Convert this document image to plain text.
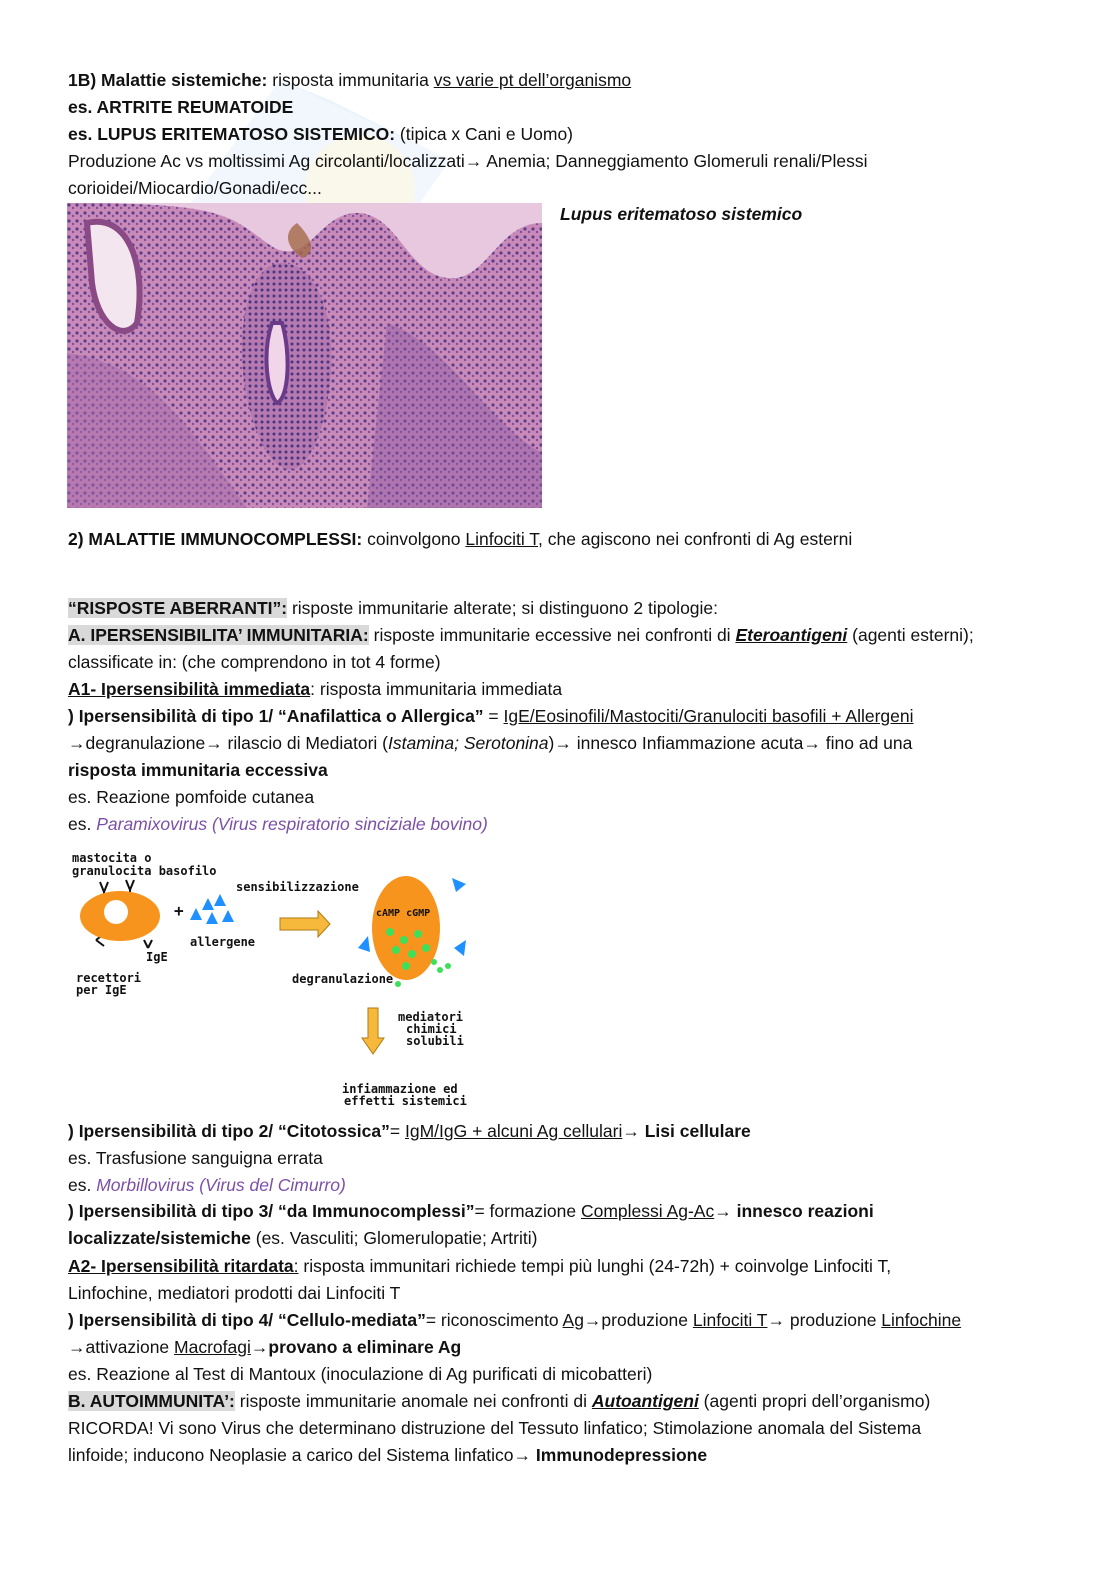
1B) Malattie sistemiche: risposta immunitaria vs varie pt dell’organismo
es. ARTRITE REUMATOIDE
es. LUPUS ERITEMATOSO SISTEMICO: (tipica x Cani e Uomo)
Produzione Ac vs moltissimi Ag circolanti/localizzati→ Anemia; Danneggiamento Glomeruli renali/Plessi
corioidei/Miocardio/Gonadi/ecc...
Lupus eritematoso sistemico
2) MALATTIE IMMUNOCOMPLESSI: coinvolgono Linfociti T, che agiscono nei confronti di Ag esterni
“RISPOSTE ABERRANTI”: risposte immunitarie alterate; si distinguono 2 tipologie:
A. IPERSENSIBILITA’ IMMUNITARIA: risposte immunitarie eccessive nei confronti di Eteroantigeni (agenti esterni);
classificate in: (che comprendono in tot 4 forme)
A1- Ipersensibilità immediata: risposta immunitaria immediata
) Ipersensibilità di tipo 1/ “Anafilattica o Allergica” = IgE/Eosinofili/Mastociti/Granulociti basofili + Allergeni
→degranulazione→ rilascio di Mediatori (Istamina; Serotonina)→ innesco Infiammazione acuta→ fino ad una
risposta immunitaria eccessiva
es. Reazione pomfoide cutanea
es. Paramixovirus (Virus respiratorio sinciziale bovino)
mastocita o
granulocita basofilo
IgE
recettori
per IgE
+
allergene
sensibilizzazione
cAMP cGMP
degranulazione
mediatori
chimici
solubili
infiammazione ed
effetti sistemici
) Ipersensibilità di tipo 2/ “Citotossica”= IgM/IgG + alcuni Ag cellulari→ Lisi cellulare
es. Trasfusione sanguigna errata
es. Morbillovirus (Virus del Cimurro)
) Ipersensibilità di tipo 3/ “da Immunocomplessi”= formazione Complessi Ag-Ac→ innesco reazioni
localizzate/sistemiche (es. Vasculiti; Glomerulopatie; Artriti)
A2- Ipersensibilità ritardata: risposta immunitari richiede tempi più lunghi (24-72h) + coinvolge Linfociti T,
Linfochine, mediatori prodotti dai Linfociti T
) Ipersensibilità di tipo 4/ “Cellulo-mediata”= riconoscimento Ag→produzione Linfociti T→ produzione Linfochine
→attivazione Macrofagi→provano a eliminare Ag
es. Reazione al Test di Mantoux (inoculazione di Ag purificati di micobatteri)
B. AUTOIMMUNITA’: risposte immunitarie anomale nei confronti di Autoantigeni (agenti propri dell’organismo)
RICORDA! Vi sono Virus che determinano distruzione del Tessuto linfatico; Stimolazione anomala del Sistema
linfoide; inducono Neoplasie a carico del Sistema linfatico→ Immunodepressione
